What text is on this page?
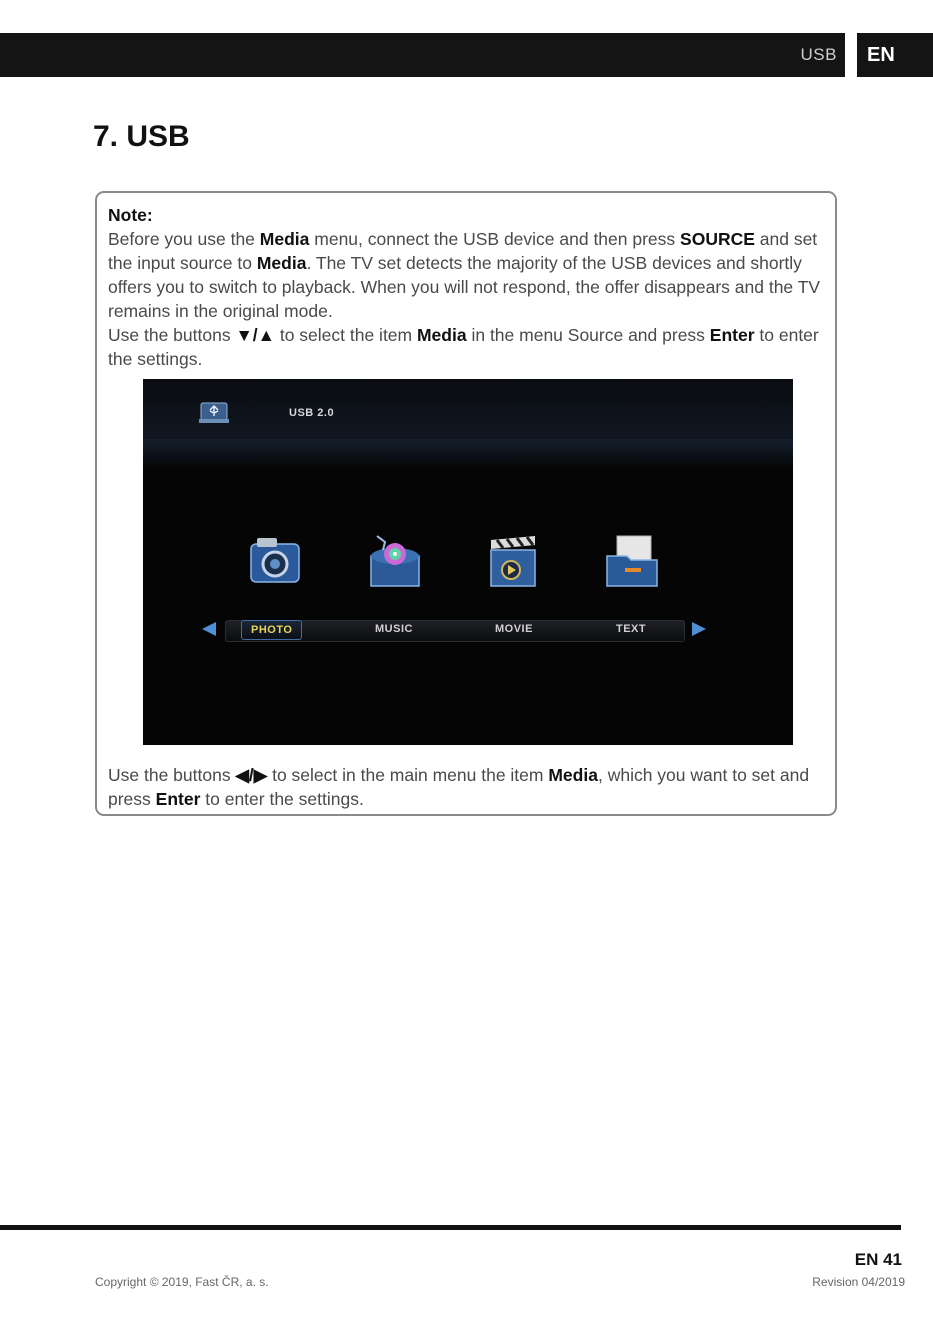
USB	EN
7. USB
Note:
Before you use the Media menu, connect the USB device and then press SOURCE and set the input source to Media. The TV set detects the majority of the USB devices and shortly offers you to switch to playback. When you will not respond, the offer disappears and the TV remains in the original mode.
Use the buttons ▼/▲ to select the item Media in the menu Source and press Enter to enter the settings.
USB 2.0
PHOTO	MUSIC	MOVIE	TEXT
Use the buttons ◀/▶ to select in the main menu the item Media, which you want to set and press Enter to enter the settings.
EN 41
Copyright © 2019, Fast ČR, a. s.	Revision 04/2019
